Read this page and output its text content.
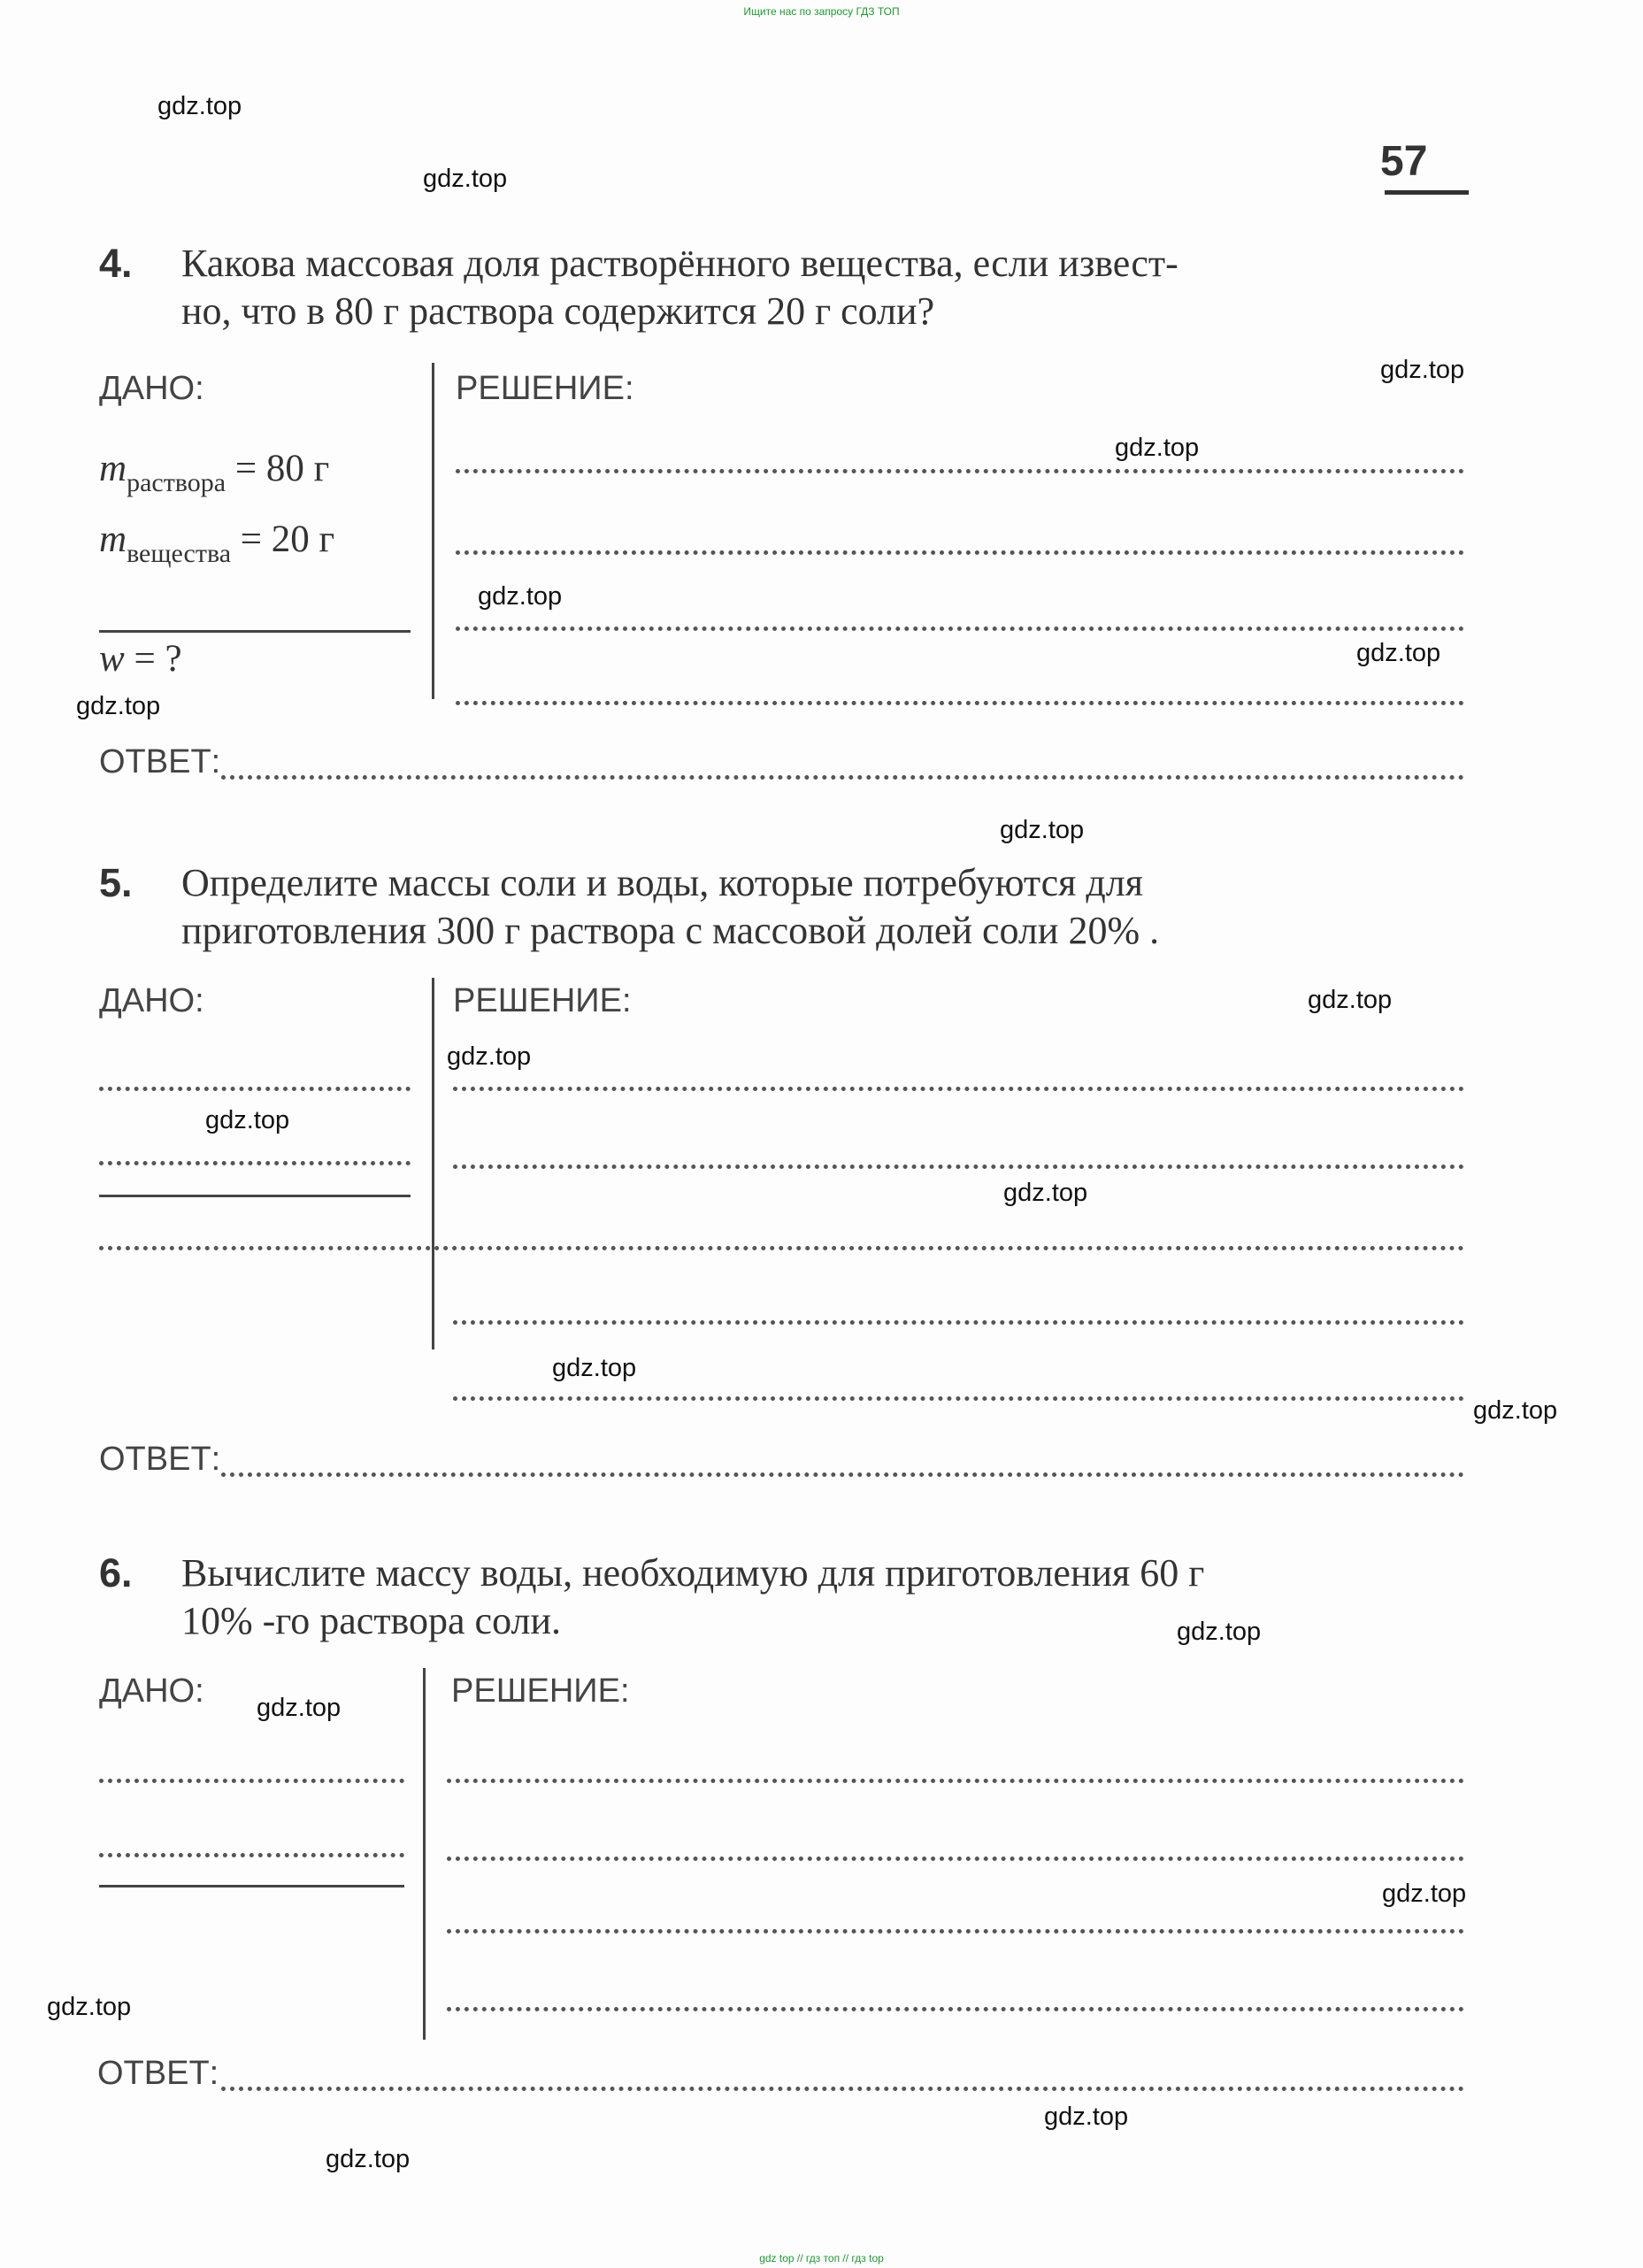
Ищите нас по запросу ГДЗ ТОП
57
4. Какова массовая доля растворённого вещества, если извест-
но, что в 80 г раствора содержится 20 г соли?
ДАНО:	РЕШЕНИЕ:
$m_{раствора} = 80$ г
$m_{вещества} = 20$ г
w = ?
ОТВЕТ:
5. Определите массы соли и воды, которые потребуются для
приготовления 300 г раствора с массовой долей соли 20% .
ДАНО:	РЕШЕНИЕ:
ОТВЕТ:
6. Вычислите массу воды, необходимую для приготовления 60 г
10% -го раствора соли.
ДАНО:	РЕШЕНИЕ:
ОТВЕТ:
gdz.top
gdz.top
gdz.top
gdz.top
gdz.top
gdz.top
gdz.top
gdz.top
gdz.top
gdz.top
gdz.top
gdz.top
gdz.top
gdz.top
gdz.top
gdz.top
gdz.top
gdz.top
gdz.top
gdz.top
gdz top // гдз топ // гдз top
